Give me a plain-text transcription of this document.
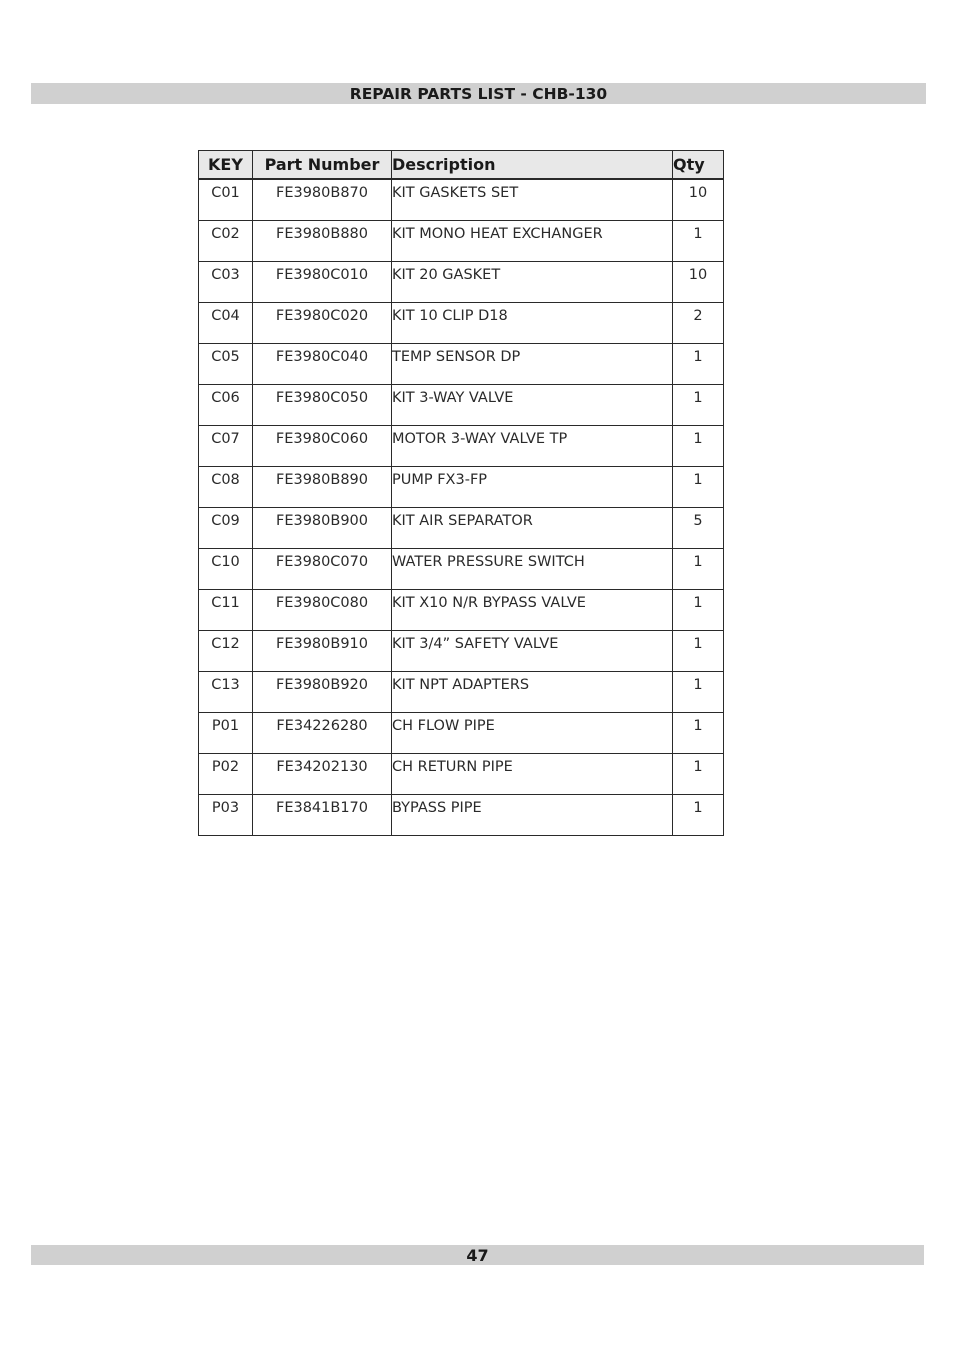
REPAIR PARTS LIST - CHB-130
KEY	Part Number	Description	Qty
C01	FE3980B870	KIT GASKETS SET	10
C02	FE3980B880	KIT MONO HEAT EXCHANGER	1
C03	FE3980C010	KIT 20 GASKET	10
C04	FE3980C020	KIT 10 CLIP D18	2
C05	FE3980C040	TEMP SENSOR DP	1
C06	FE3980C050	KIT 3-WAY VALVE	1
C07	FE3980C060	MOTOR 3-WAY VALVE TP	1
C08	FE3980B890	PUMP FX3-FP	1
C09	FE3980B900	KIT AIR SEPARATOR	5
C10	FE3980C070	WATER PRESSURE SWITCH	1
C11	FE3980C080	KIT X10 N/R BYPASS VALVE	1
C12	FE3980B910	KIT 3/4” SAFETY VALVE	1
C13	FE3980B920	KIT NPT ADAPTERS	1
P01	FE34226280	CH FLOW PIPE	1
P02	FE34202130	CH RETURN PIPE	1
P03	FE3841B170	BYPASS PIPE	1
47
